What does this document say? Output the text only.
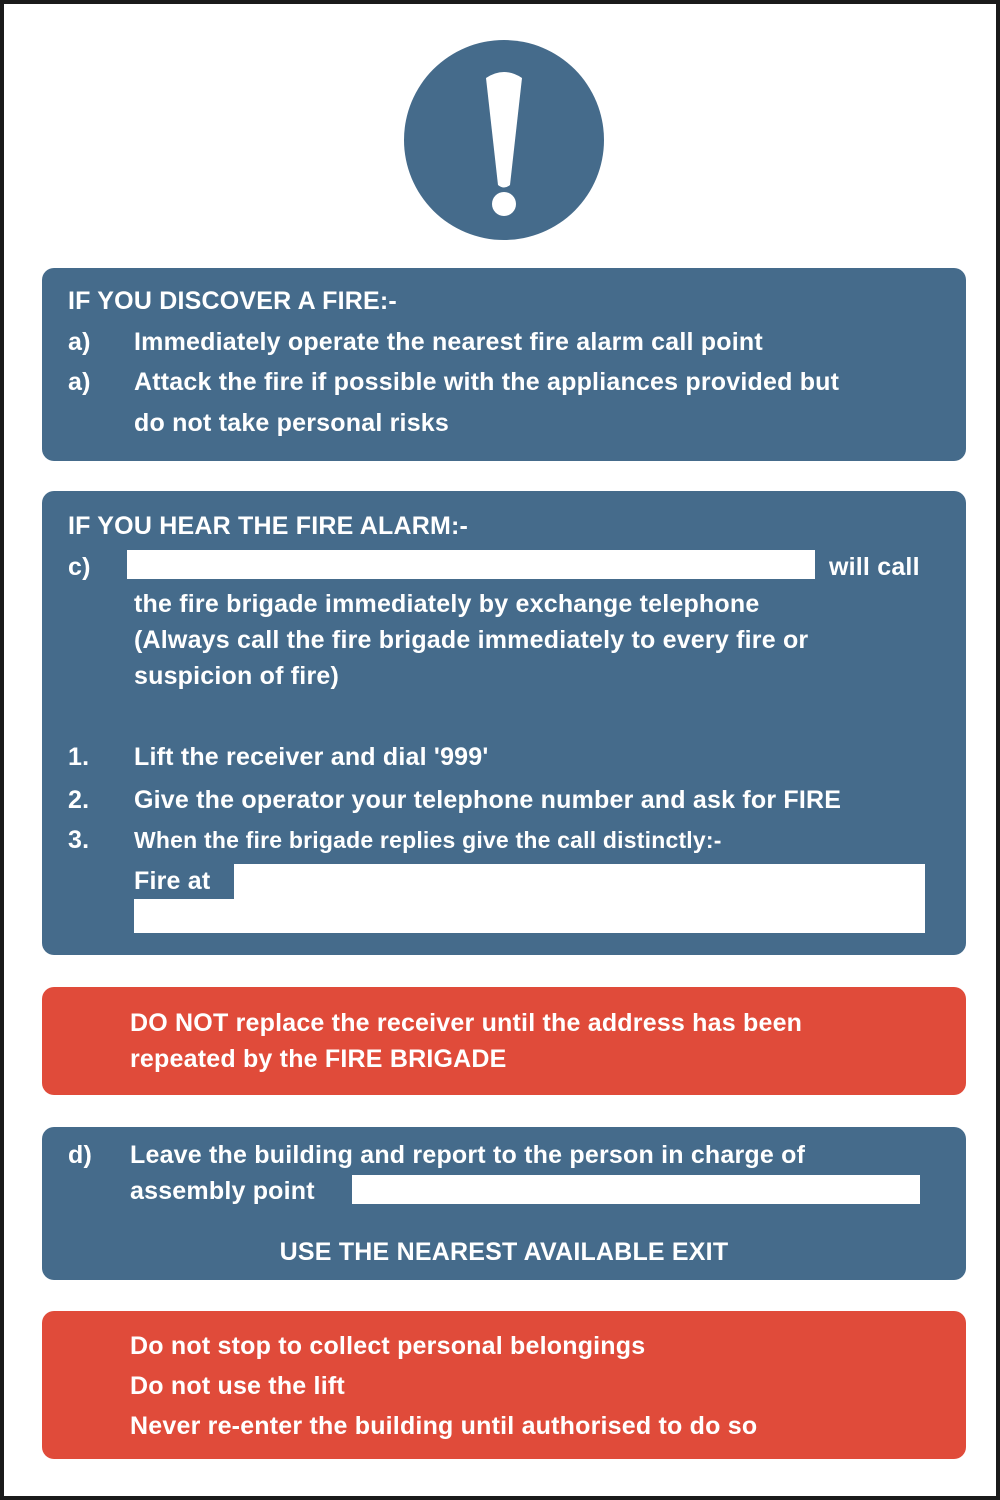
IF YOU DISCOVER A FIRE:-
a) Immediately operate the nearest fire alarm call point
a) Attack the fire if possible with the appliances provided but
do not take personal risks
IF YOU HEAR THE FIRE ALARM:-
c)	will call
the fire brigade immediately by exchange telephone
(Always call the fire brigade immediately to every fire or
suspicion of fire)
1. Lift the receiver and dial '999'
2. Give the operator your telephone number and ask for FIRE
3. When the fire brigade replies give the call distinctly:-
Fire at
DO NOT replace the receiver until the address has been
repeated by the FIRE BRIGADE
d) Leave the building and report to the person in charge of
assembly point
USE THE NEAREST AVAILABLE EXIT
Do not stop to collect personal belongings
Do not use the lift
Never re-enter the building until authorised to do so
